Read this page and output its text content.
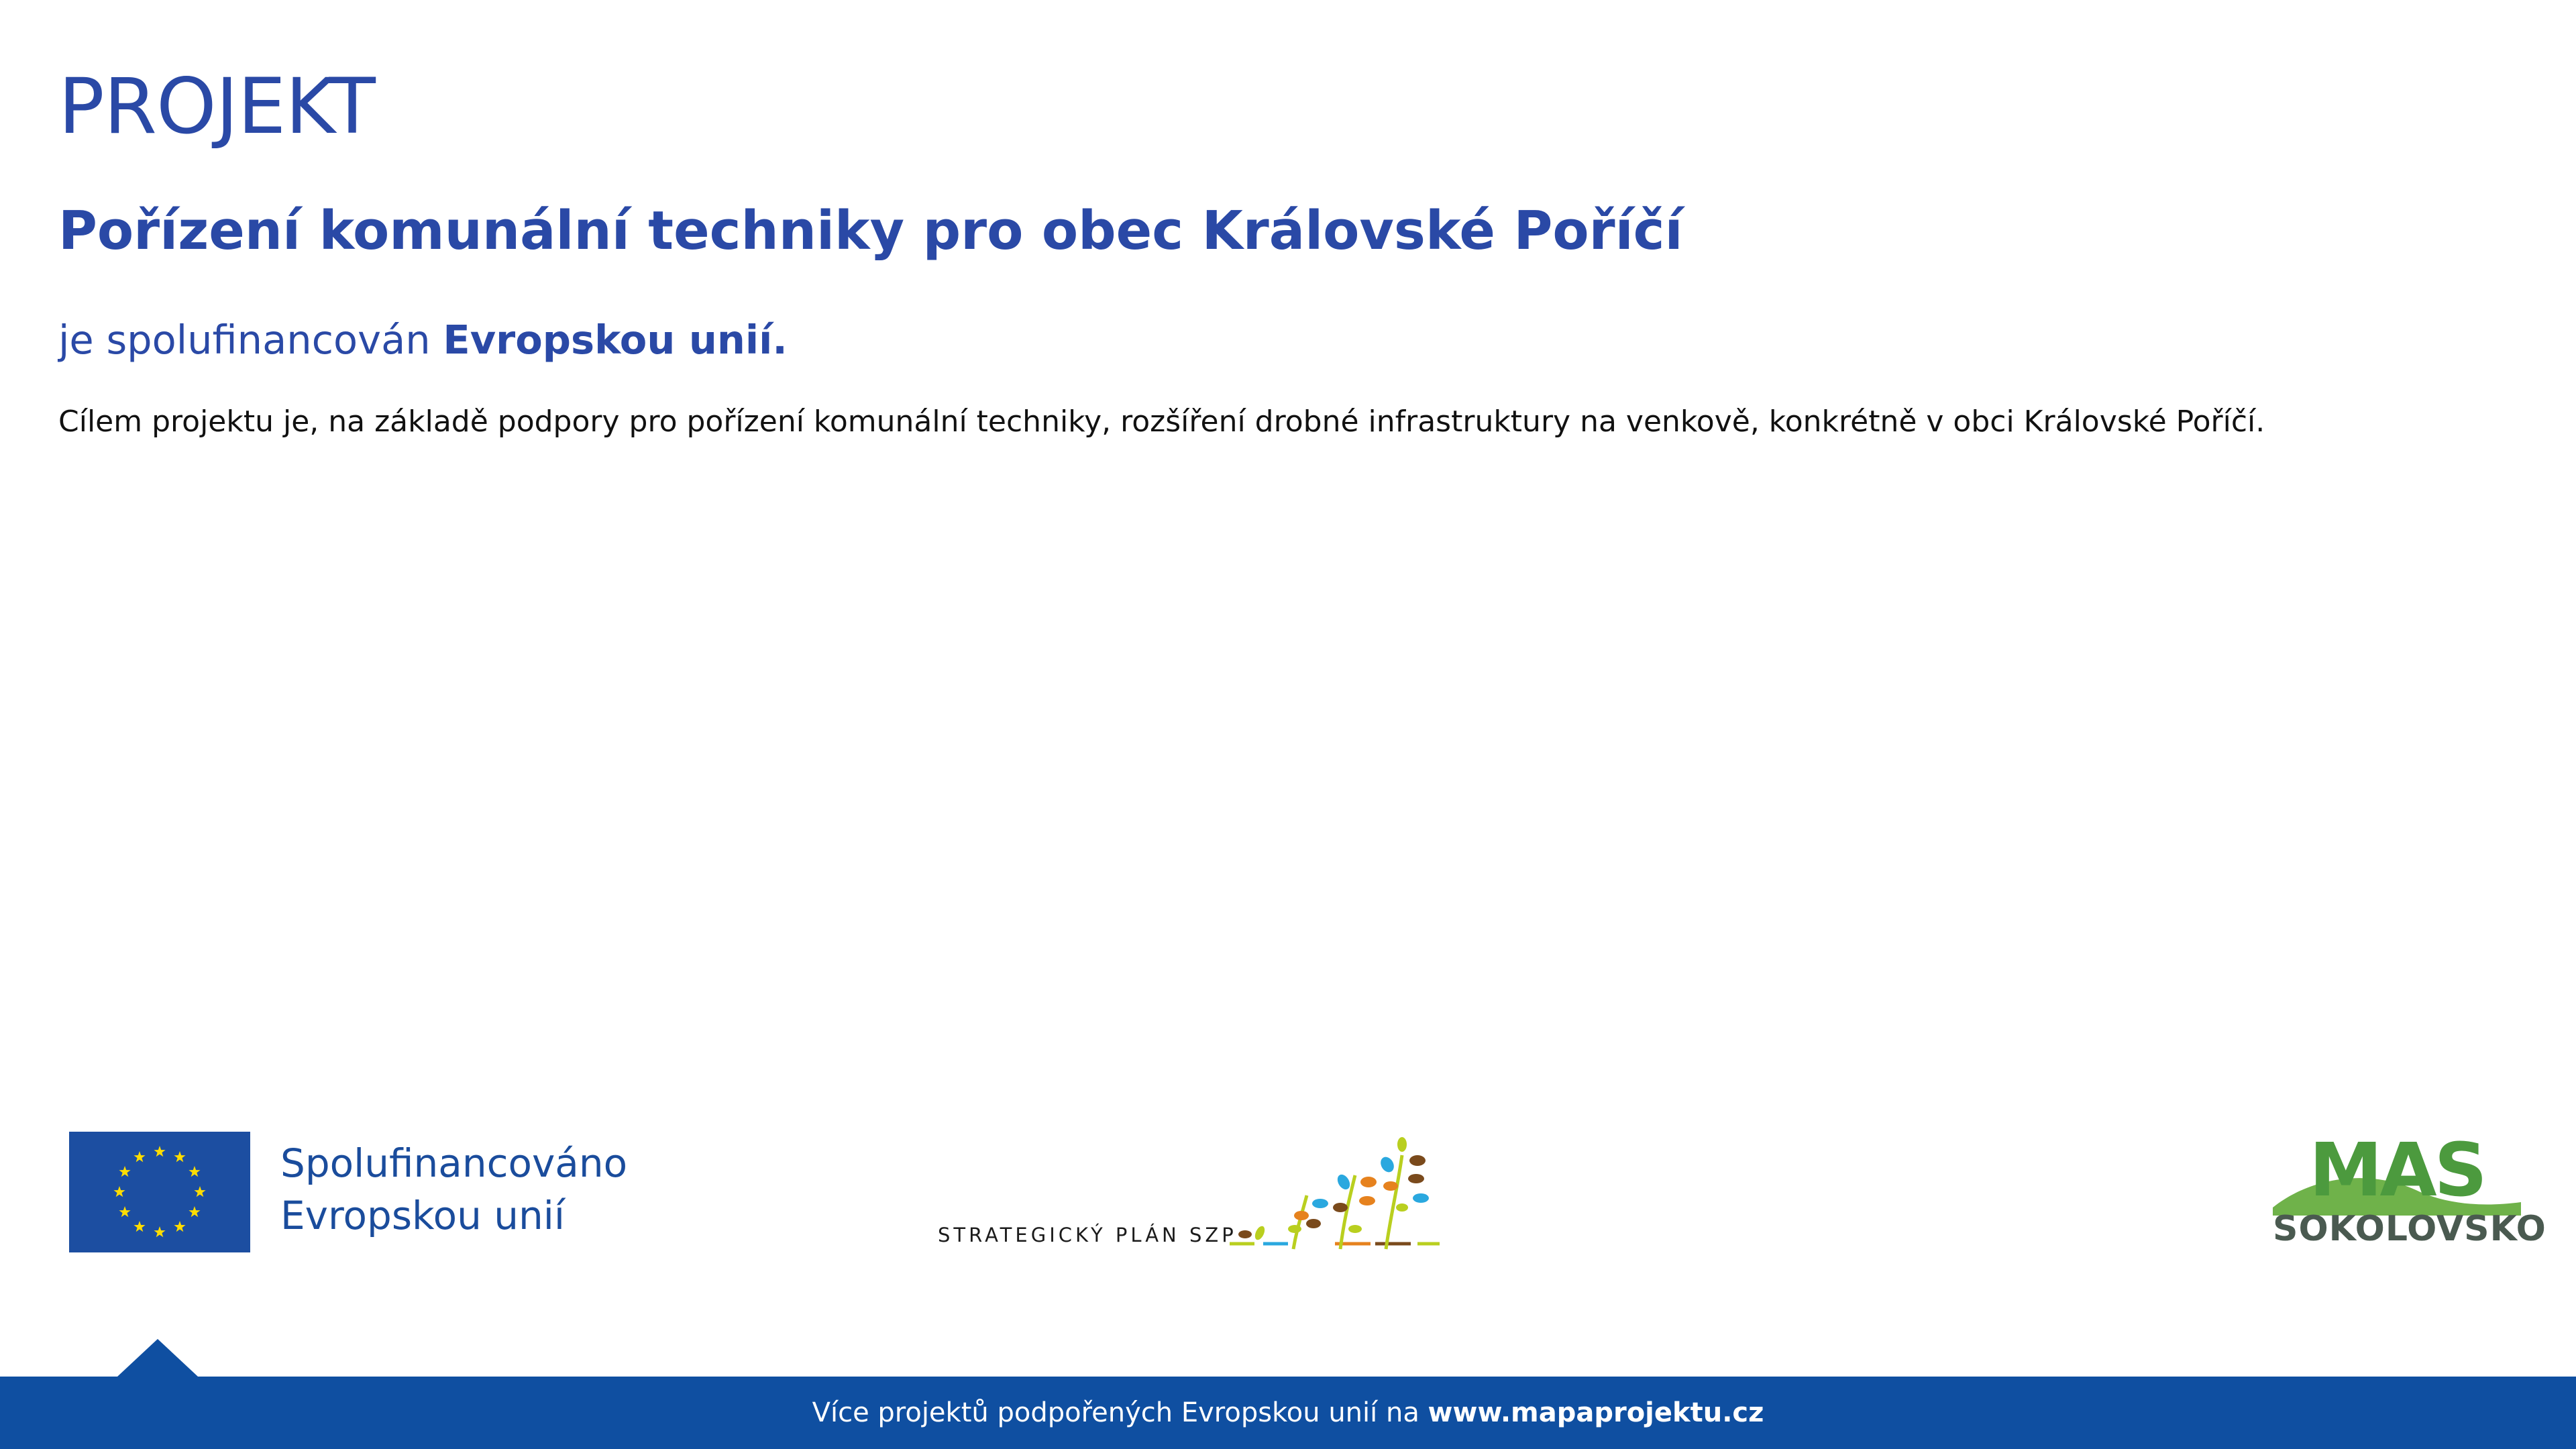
PROJEKT
Pořízení komunální techniky pro obec Královské Poříčí

je spolufinancován Evropskou unií.

Cílem projektu je, na základě podpory pro pořízení komunální techniky, rozšíření drobné infrastruktury na venkově, konkrétně v obci Královské Poříčí.

Spolufinancováno
Evropskou unií	STRATEGICKÝ PLÁN SZP
MAS
SOKOLOVSKO
Více projektů podpořených Evropskou unií na www.mapaprojektu.cz
